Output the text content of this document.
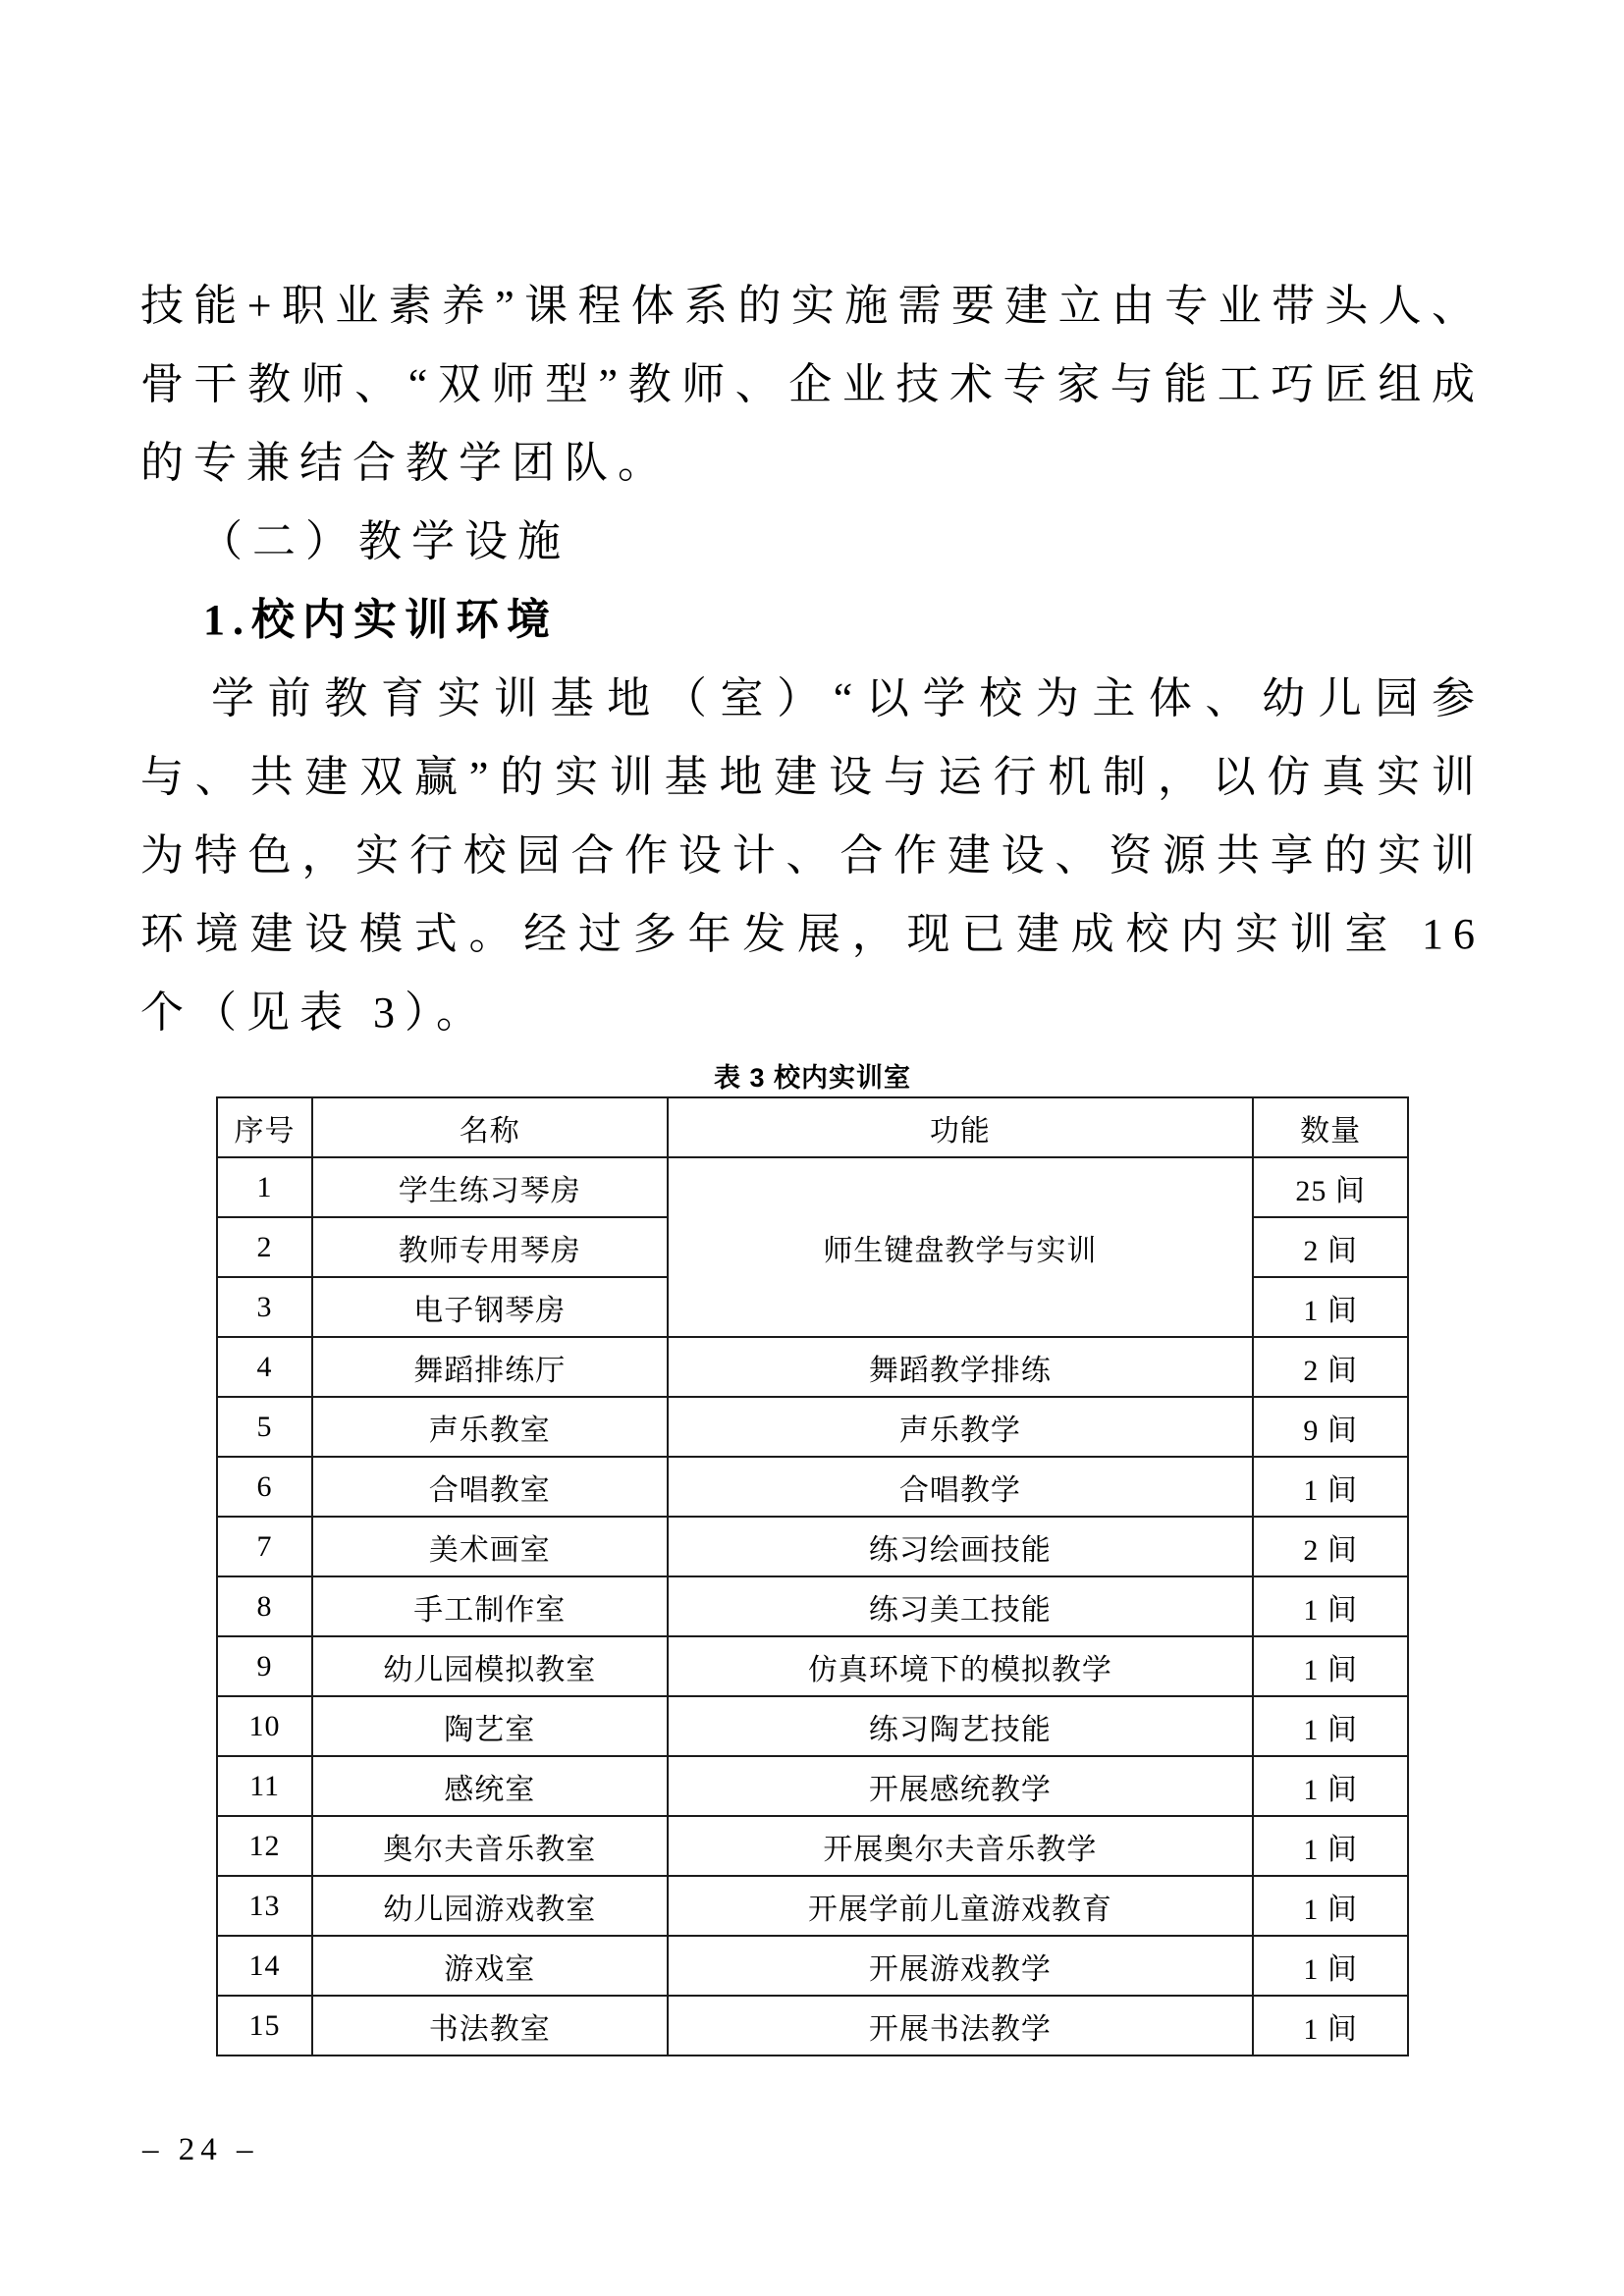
技能+职业素养”课程体系的实施需要建立由专业带头人、骨干教师、“双师型”教师、企业技术专家与能工巧匠组成的专兼结合教学团队。

（二）教学设施

1.校内实训环境

学前教育实训基地（室）“以学校为主体、幼儿园参与、共建双赢”的实训基地建设与运行机制，以仿真实训为特色，实行校园合作设计、合作建设、资源共享的实训环境建设模式。经过多年发展，现已建成校内实训室 16 个（见表 3）。

表 3 校内实训室
序号	名称	功能	数量
1	学生练习琴房	师生键盘教学与实训	25 间
2	教师专用琴房		2 间
3	电子钢琴房		1 间
4	舞蹈排练厅	舞蹈教学排练	2 间
5	声乐教室	声乐教学	9 间
6	合唱教室	合唱教学	1 间
7	美术画室	练习绘画技能	2 间
8	手工制作室	练习美工技能	1 间
9	幼儿园模拟教室	仿真环境下的模拟教学	1 间
10	陶艺室	练习陶艺技能	1 间
11	感统室	开展感统教学	1 间
12	奥尔夫音乐教室	开展奥尔夫音乐教学	1 间
13	幼儿园游戏教室	开展学前儿童游戏教育	1 间
14	游戏室	开展游戏教学	1 间
15	书法教室	开展书法教学	1 间
– 24 –
